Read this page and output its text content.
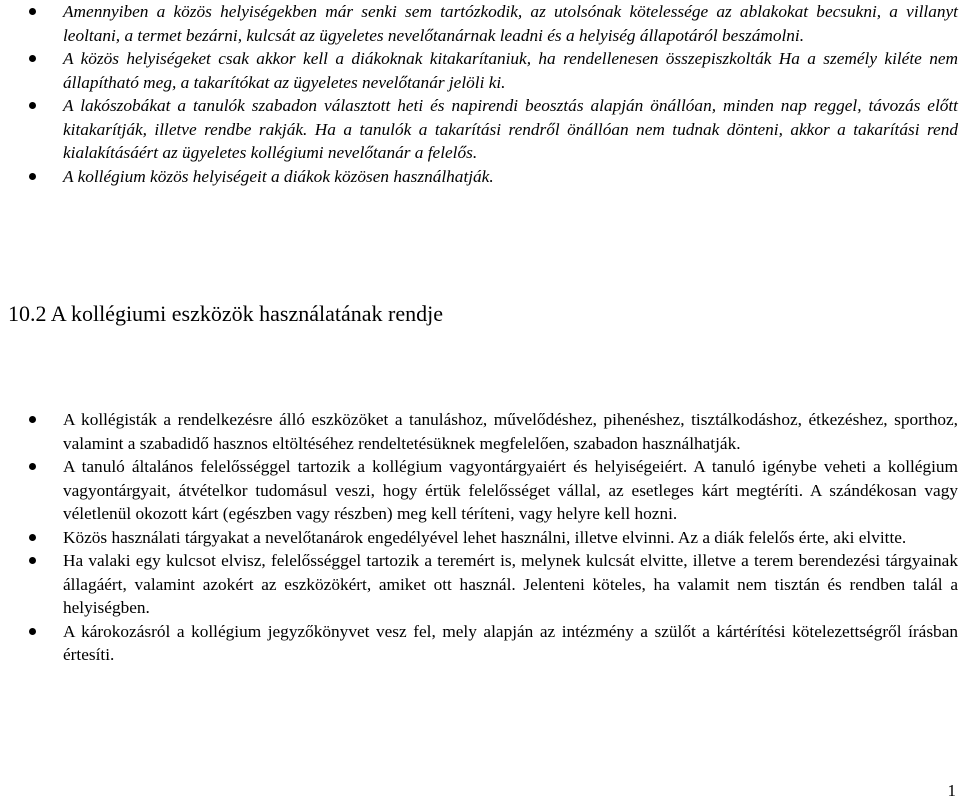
Amennyiben a közös helyiségekben már senki sem tartózkodik, az utolsónak kötelessége az ablakokat becsukni, a villanyt leoltani, a termet bezárni, kulcsát az ügyeletes nevelőtanárnak leadni és a helyiség állapotáról beszámolni.
A közös helyiségeket csak akkor kell a diákoknak kitakarítaniuk, ha rendellenesen összepiszkolták Ha a személy kiléte nem állapítható meg, a takarítókat az ügyeletes nevelőtanár jelöli ki.
A lakószobákat a tanulók szabadon választott heti és napirendi beosztás alapján önállóan, minden nap reggel, távozás előtt kitakarítják, illetve rendbe rakják. Ha a tanulók a takarítási rendről önállóan nem tudnak dönteni, akkor a takarítási rend kialakításáért az ügyeletes kollégiumi nevelőtanár a felelős.
A kollégium közös helyiségeit a diákok közösen használhatják.
10.2 A kollégiumi eszközök használatának rendje
A kollégisták a rendelkezésre álló eszközöket a tanuláshoz, művelődéshez, pihenéshez, tisztálkodáshoz, étkezéshez, sporthoz, valamint a szabadidő hasznos eltöltéséhez rendeltetésüknek megfelelően, szabadon használhatják.
A tanuló általános felelősséggel tartozik a kollégium vagyontárgyaiért és helyiségeiért. A tanuló igénybe veheti a kollégium vagyontárgyait, átvételkor tudomásul veszi, hogy értük felelősséget vállal, az esetleges kárt megtéríti. A szándékosan vagy véletlenül okozott kárt (egészben vagy részben) meg kell téríteni, vagy helyre kell hozni.
Közös használati tárgyakat a nevelőtanárok engedélyével lehet használni, illetve elvinni. Az a diák felelős érte, aki elvitte.
Ha valaki egy kulcsot elvisz, felelősséggel tartozik a teremért is, melynek kulcsát elvitte, illetve a terem berendezési tárgyainak állagáért, valamint azokért az eszközökért, amiket ott használ. Jelenteni köteles, ha valamit nem tisztán és rendben talál a helyiségben.
A károkozásról a kollégium jegyzőkönyvet vesz fel, mely alapján az intézmény a szülőt a kártérítési kötelezettségről írásban értesíti.
1
